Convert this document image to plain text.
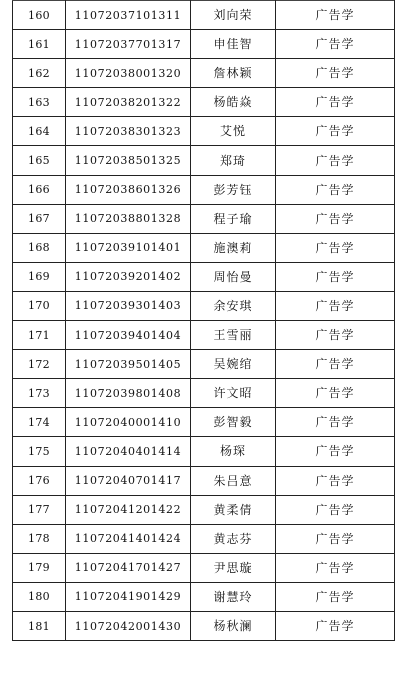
160	11072037101311	刘向荣	广告学
161	11072037701317	申佳智	广告学
162	11072038001320	詹林颖	广告学
163	11072038201322	杨皓焱	广告学
164	11072038301323	艾悦	广告学
165	11072038501325	郑琦	广告学
166	11072038601326	彭芳钰	广告学
167	11072038801328	程子瑜	广告学
168	11072039101401	施澳莉	广告学
169	11072039201402	周怡曼	广告学
170	11072039301403	余安琪	广告学
171	11072039401404	王雪丽	广告学
172	11072039501405	吴婉绾	广告学
173	11072039801408	许文昭	广告学
174	11072040001410	彭智毅	广告学
175	11072040401414	杨琛	广告学
176	11072040701417	朱吕意	广告学
177	11072041201422	黄柔倩	广告学
178	11072041401424	黄志芬	广告学
179	11072041701427	尹思璇	广告学
180	11072041901429	谢慧玲	广告学
181	11072042001430	杨秋澜	广告学
